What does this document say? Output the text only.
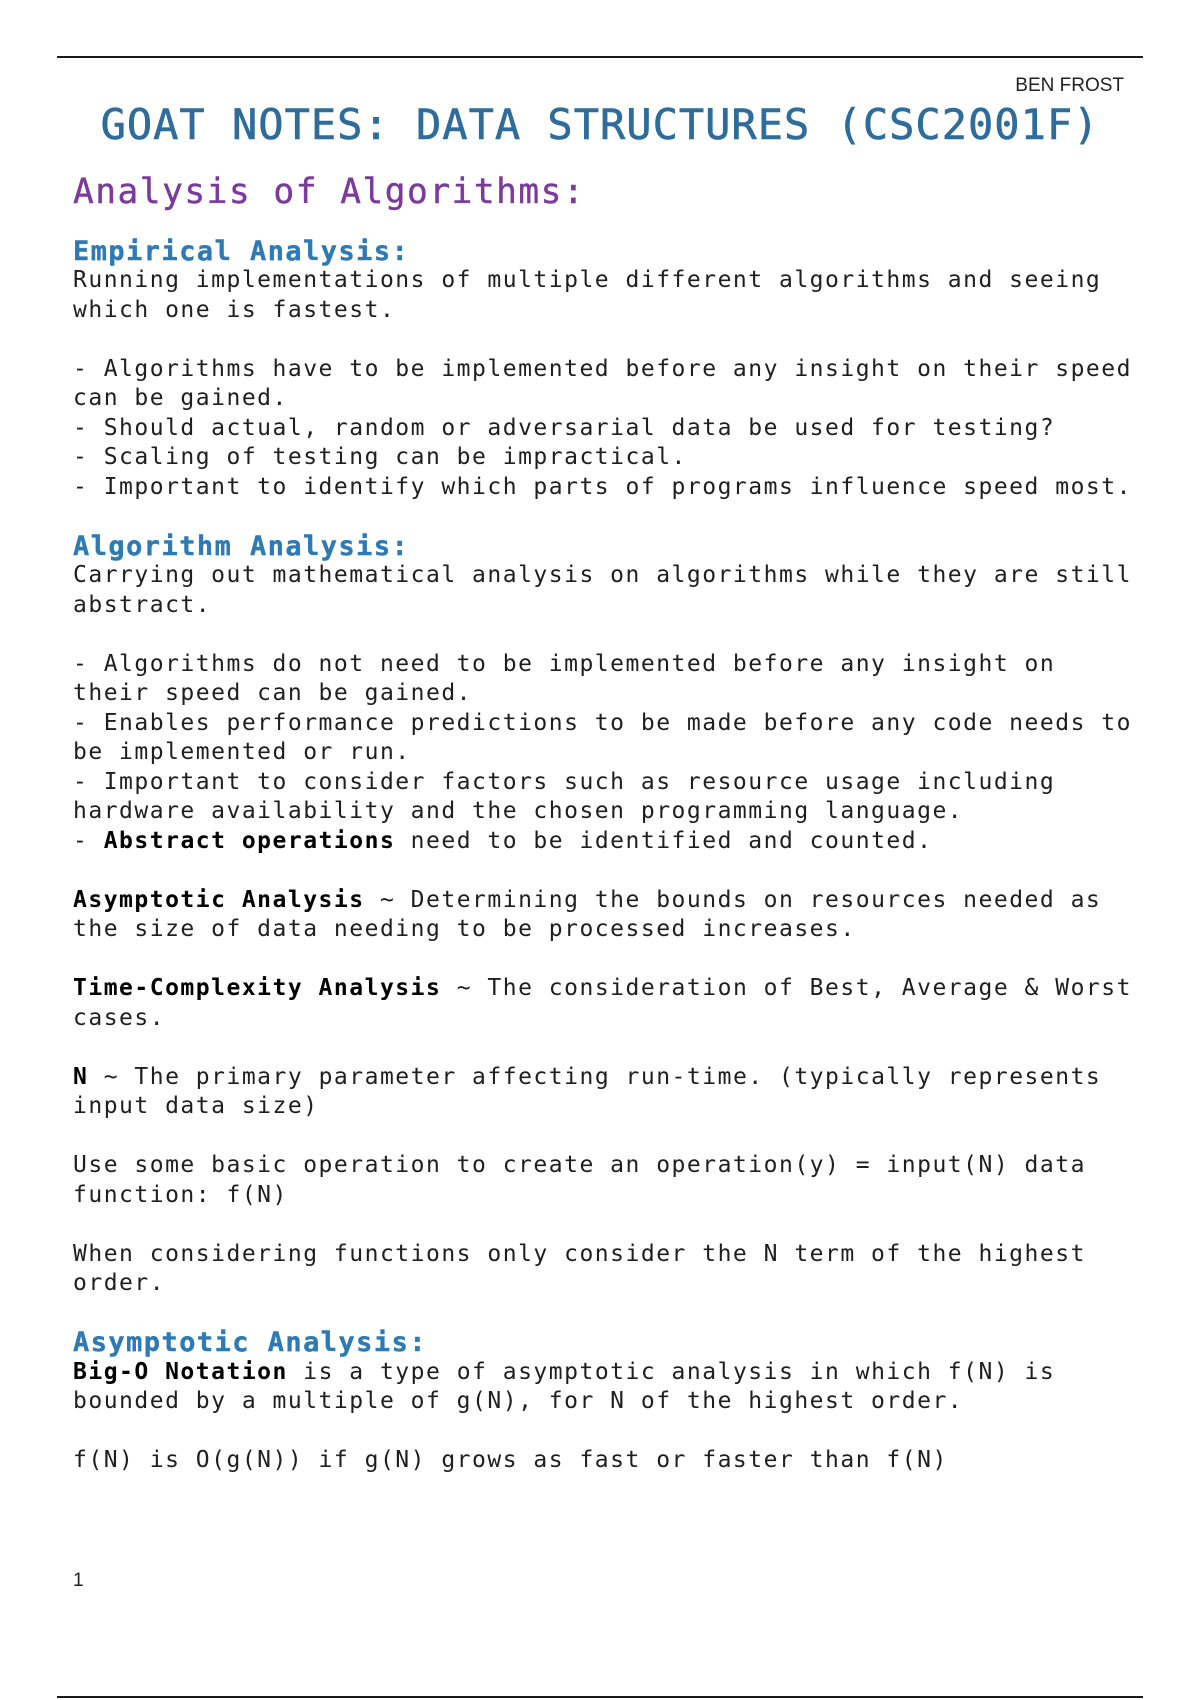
BEN FROST
GOAT NOTES: DATA STRUCTURES (CSC2001F)
Analysis of Algorithms:
Empirical Analysis:

Running implementations of multiple different algorithms and seeing which one is fastest.

- Algorithms have to be implemented before any insight on their speed can be gained.

- Should actual, random or adversarial data be used for testing?

- Scaling of testing can be impractical.

- Important to identify which parts of programs influence speed most.

Algorithm Analysis:

Carrying out mathematical analysis on algorithms while they are still abstract.

- Algorithms do not need to be implemented before any insight on their speed can be gained.

- Enables performance predictions to be made before any code needs to be implemented or run.

- Important to consider factors such as resource usage including hardware availability and the chosen programming language.

- Abstract operations need to be identified and counted.

Asymptotic Analysis ~ Determining the bounds on resources needed as the size of data needing to be processed increases.

Time-Complexity Analysis ~ The consideration of Best, Average & Worst cases.

N ~ The primary parameter affecting run-time. (typically represents input data size)

Use some basic operation to create an operation(y) = input(N) data function: f(N)

When considering functions only consider the N term of the highest order.

Asymptotic Analysis:

Big-O Notation is a type of asymptotic analysis in which f(N) is bounded by a multiple of g(N), for N of the highest order.

f(N) is O(g(N)) if g(N) grows as fast or faster than f(N)

1
